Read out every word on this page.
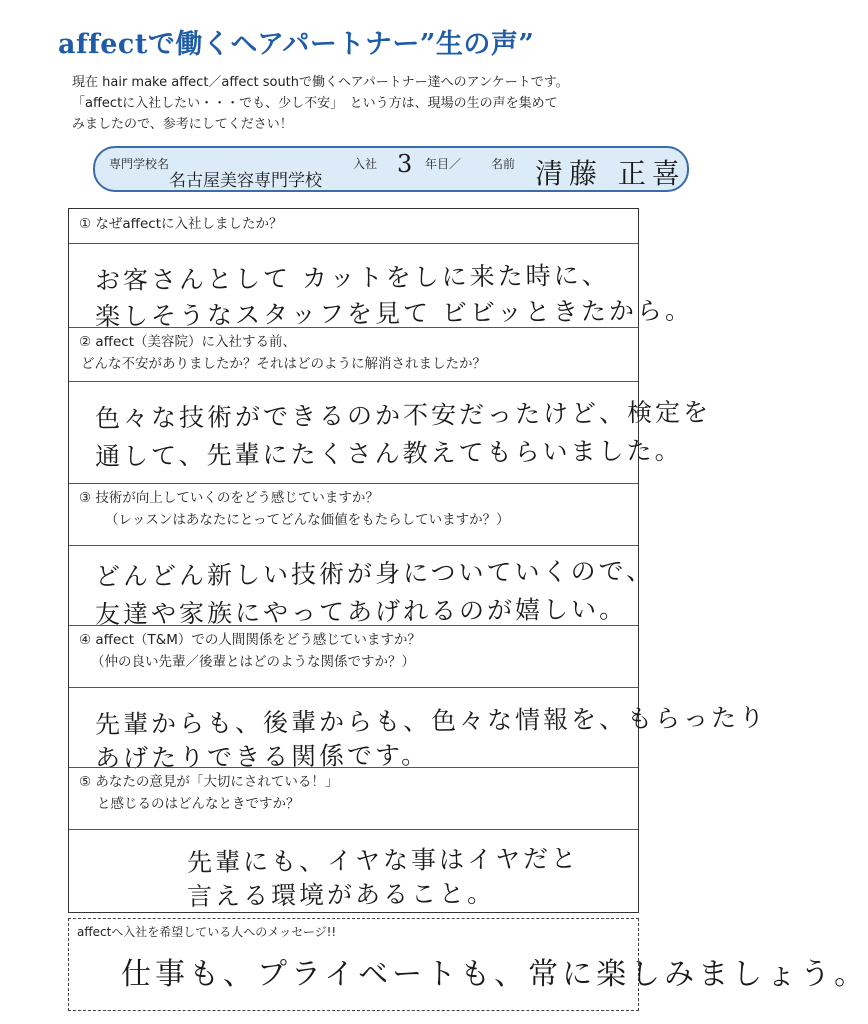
affectで働くヘアパートナー”生の声”
現在 hair make affect／affect southで働くヘアパートナー達へのアンケートです。
「affectに入社したい・・・でも、少し不安」　という方は、現場の生の声を集めて
みましたので、参考にしてください！
専門学校名
名古屋美容専門学校
入社 3 年目／ 名前 清藤 正喜
① なぜaffectに入社しましたか？
お客さんとして カットをしに来た時に、
楽しそうなスタッフを見て ビビッときたから。
② affect（美容院）に入社する前、
どんな不安がありましたか？それはどのように解消されましたか？
色々な技術ができるのか不安だったけど、検定を
通して、先輩にたくさん教えてもらいました。
③ 技術が向上していくのをどう感じていますか？
（レッスンはあなたにとってどんな価値をもたらしていますか？）
どんどん新しい技術が身についていくので、
友達や家族にやってあげれるのが嬉しい。
④ affect（T&M）での人間関係をどう感じていますか？
（仲の良い先輩／後輩とはどのような関係ですか？）
先輩からも、後輩からも、色々な情報を、もらったり
あげたりできる関係です。
⑤ あなたの意見が「大切にされている！」
と感じるのはどんなときですか？
先輩にも、イヤな事はイヤだと
言える環境があること。
affectへ入社を希望している人へのメッセージ!!
仕事も、プライベートも、常に楽しみましょう。
